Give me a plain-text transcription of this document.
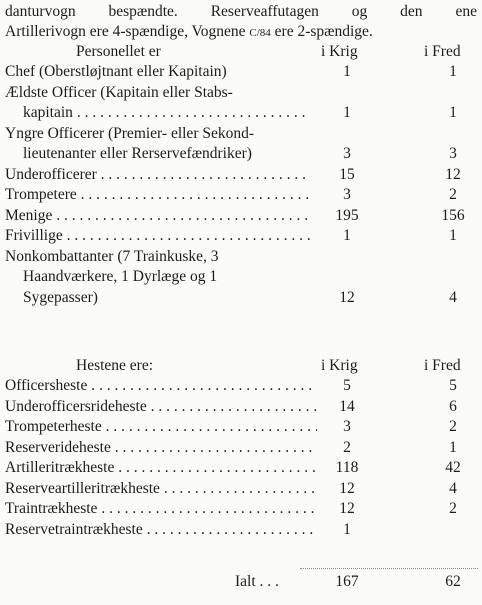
danturvogn bespændte. Reserveaffutagen og den ene
Artillerivogn ere 4-spændige, Vognene C/84 ere 2-spændige.
Personellet er	i Krig	i Fred
Chef (Oberstløjtnant eller Kapitain)	1	1
Ældste Officer (Kapitain eller Stabs-
kapitain . . .	1	1
Yngre Officerer (Premier- eller Sekond-
lieutenanter eller Rerservefændriker)	3	3
Underofficerer . . .	15	12
Trompetere . . .	3	2
Menige . . .	195	156
Frivillige . . .	1	1
Nonkombattanter (7 Trainkuske, 3
Haandværkere, 1 Dyrlæge og 1
Sygepasser)	12	4
Hestene ere:	i Krig	i Fred
Officersheste . . .	5	5
Underofficersrideheste . . .	14	6
Trompeterheste . . .	3	2
Reserverideheste . . .	2	1
Artilleritrækheste . . .	118	42
Reserveartilleritrækheste . . .	12	4
Traintrækheste . . .	12	2
Reservetraintrækheste . . .	1
Ialt . . .	167	62
